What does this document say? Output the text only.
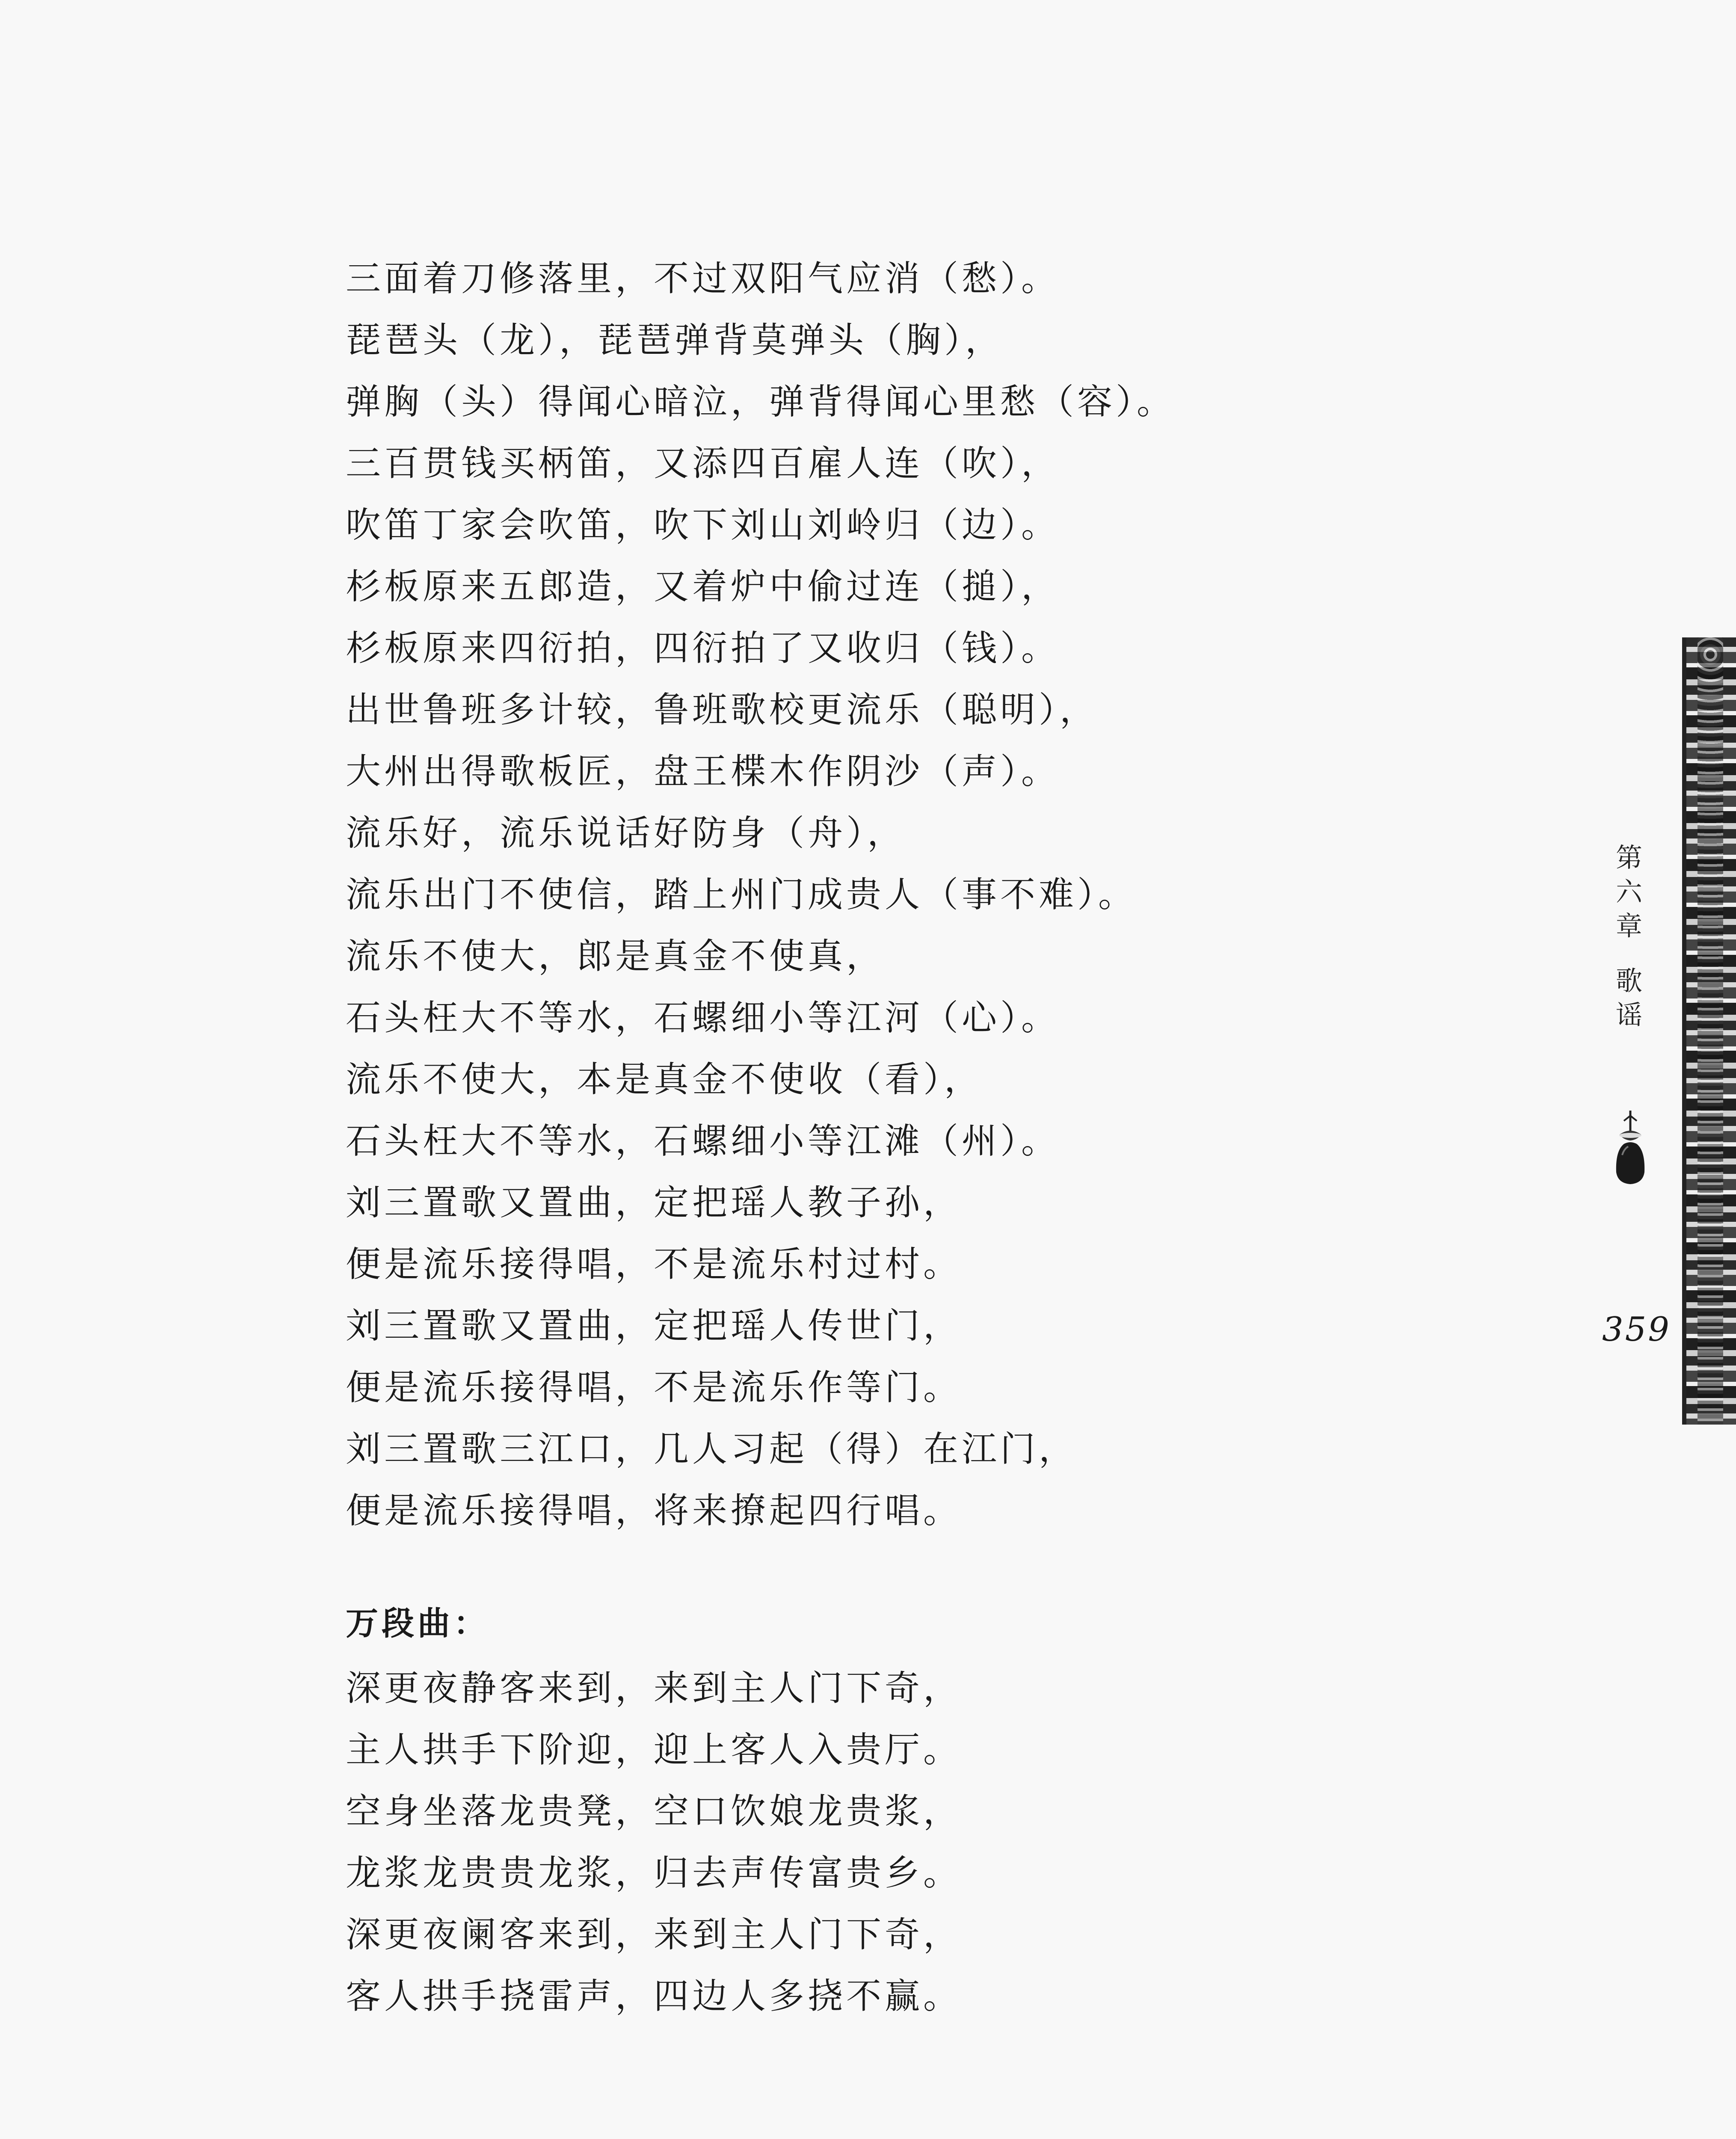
三面着刀修落里，不过双阳气应消（愁）。
琵琶头（龙），琵琶弹背莫弹头（胸），
弹胸（头）得闻心暗泣，弹背得闻心里愁（容）。
三百贯钱买柄笛，又添四百雇人连（吹），
吹笛丁家会吹笛，吹下刘山刘岭归（边）。
杉板原来五郎造，又着炉中偷过连（搥），
杉板原来四衍拍，四衍拍了又收归（钱）。
出世鲁班多计较，鲁班歌校更流乐（聪明），
大州出得歌板匠，盘王楪木作阴沙（声）。
流乐好，流乐说话好防身（舟），
流乐出门不使信，踏上州门成贵人（事不难）。
流乐不使大，郎是真金不使真，
石头枉大不等水，石螺细小等江河（心）。
流乐不使大，本是真金不使收（看），
石头枉大不等水，石螺细小等江滩（州）。
刘三置歌又置曲，定把瑶人教子孙，
便是流乐接得唱，不是流乐村过村。
刘三置歌又置曲，定把瑶人传世门，
便是流乐接得唱，不是流乐作等门。
刘三置歌三江口，几人习起（得）在江门，
便是流乐接得唱，将来撩起四行唱。
万段曲：
深更夜静客来到，来到主人门下奇，
主人拱手下阶迎，迎上客人入贵厅。
空身坐落龙贵凳，空口饮娘龙贵浆，
龙浆龙贵贵龙浆，归去声传富贵乡。
深更夜阑客来到，来到主人门下奇，
客人拱手挠雷声，四边人多挠不赢。
第
六
章
歌
谣
359
